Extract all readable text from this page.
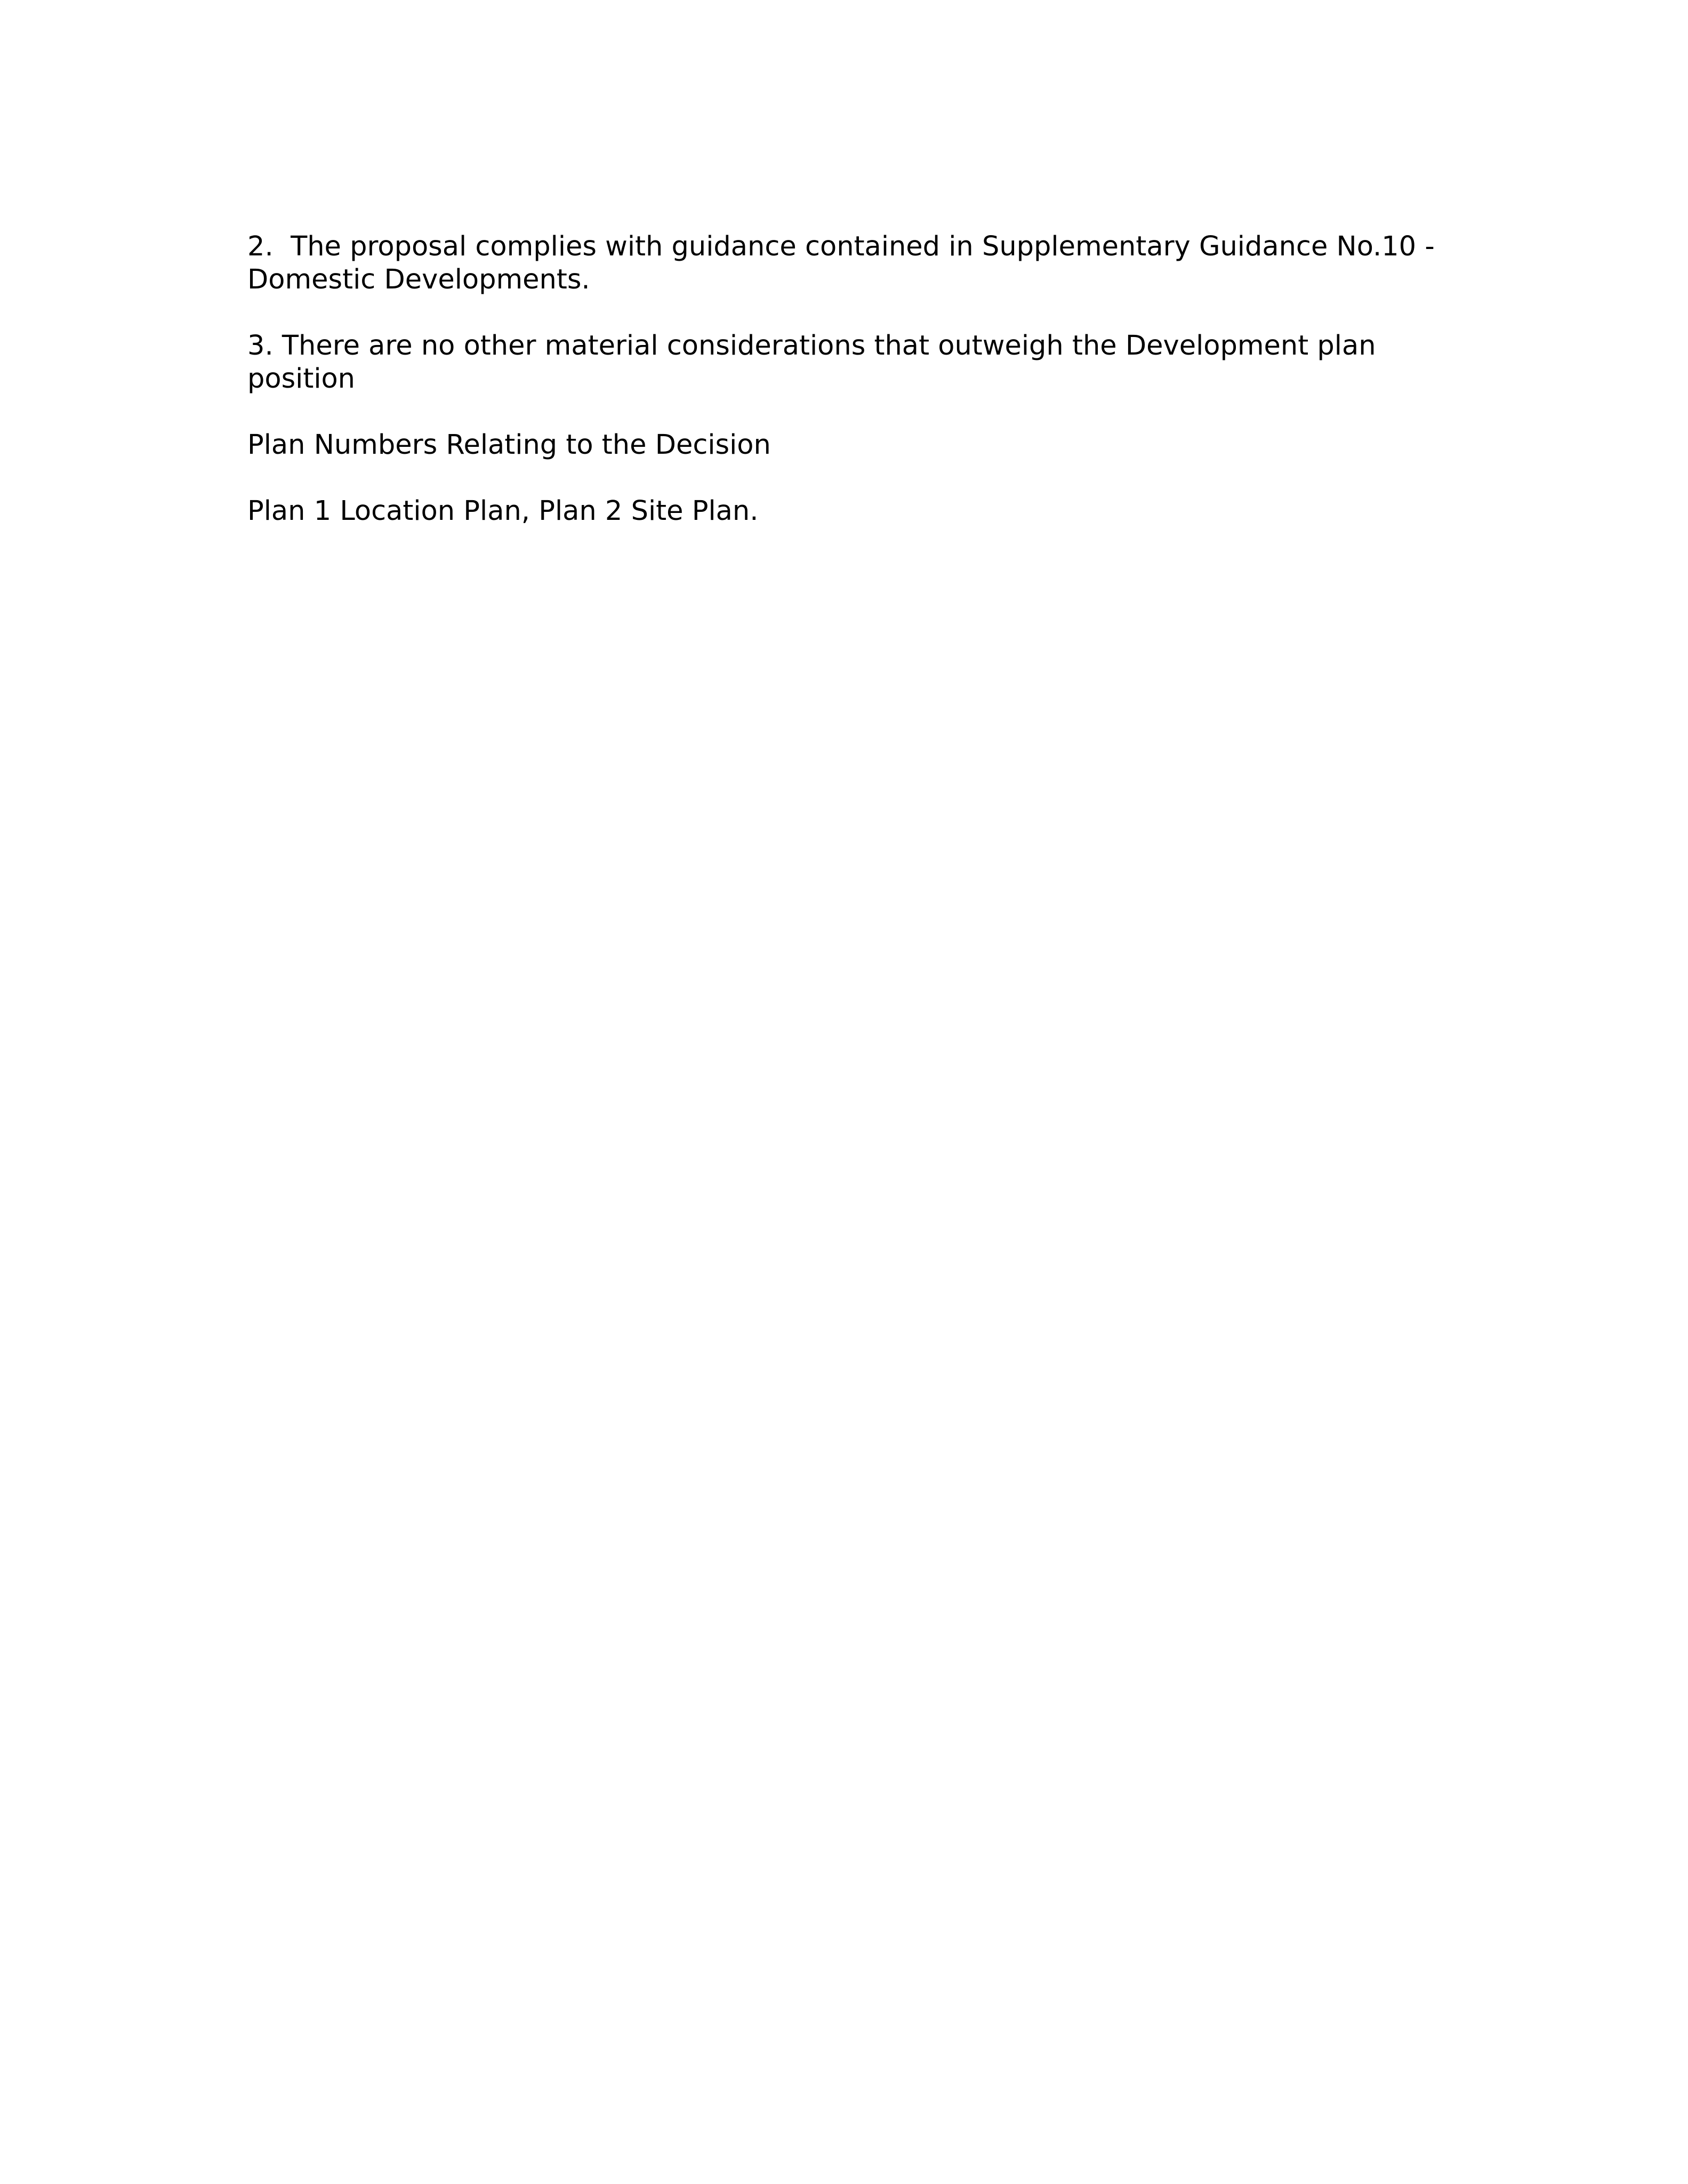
2.  The proposal complies with guidance contained in Supplementary Guidance No.10 - Domestic Developments.

3. There are no other material considerations that outweigh the Development plan position

Plan Numbers Relating to the Decision

Plan 1 Location Plan, Plan 2 Site Plan.
